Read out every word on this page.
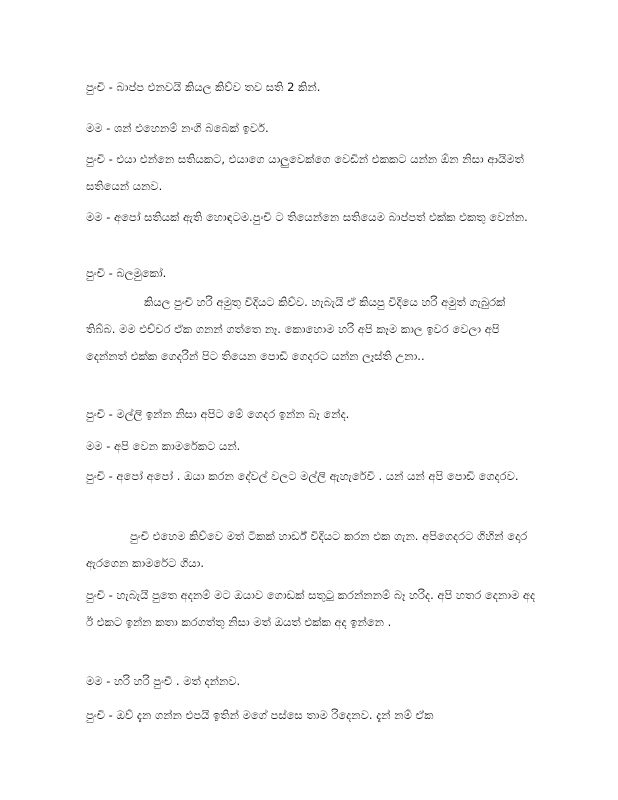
පුංචි - බාප්ප එනවයි කියල කිව්ව තව සති 2 කින්.

මම - ශන් එහෙනම් නංගි බබෙක් ඉවර්.

පුංචි - එයා එන්නෙ සතියකට, එයාගෙ යාලුවෙක්ගෙ වෙඩින් එකකට යන්න ඕන නිසා ආයිමත් සතියෙන් යනව.

මම - අපෝ සතියක් ඇති හොඳටම.පුංචි ට තියෙන්නෙ සතියෙම බාප්පත් එක්ක එකතු වෙන්න.

පුංචි - බලමුකෝ.

කියල පුංචි හරි අමුතු විදියට කිව්ව. හැබැයි ඒ කියපු විදියෙ හරි අමුත් ගැබුරක් තිබ්බ. මම එච්චර ඒක ගනන් ගත්තෙ නෑ. කොහොම හරි අපි කෑම කාල ඉවර වෙලා අපි දෙන්නත් එක්ක ගෙදරින් පිට තියෙන පොඩි ගෙදරට යන්න ලෑස්ති උනා..

පුංචි - මල්ලි ඉන්න නිසා අපිට මේ ගෙදර ඉන්න බෑ නේද.

මම - අපි වෙන කාමරේකට යන්.

පුංචි - අපෝ අපෝ . ඔයා කරන දේවල් වලට මල්ලි ඇහැරේවි . යන් යන් අපි පොඩි ගෙදරව.

පුංචි එහෙම කිව්වෙ මත් ටිකක් හාර්ඩ් විදියට කරන එක ගැන. අපිගෙදරට ගිහින් දොර ඇරගෙන කාමරේට ගියා.

පුංචි - හැබැයි පුතෙ අදනම් මට ඔයාව ගොඩක් සතුටු කරන්නනම් බෑ හරිද. අපි හතර දෙනාම අද ඊ එකට ඉන්න කතා කරගත්තු නිසා මත් ඔයත් එක්ක අද ඉන්නෙ .

මම - හරි හරි පුංචී . මත් දන්නව.

පුංචි - ඔව් දැන ගන්න එපයි ඉතින් මගේ පස්සෙ තාම රිදෙනව. දැන් නම් ඒක
